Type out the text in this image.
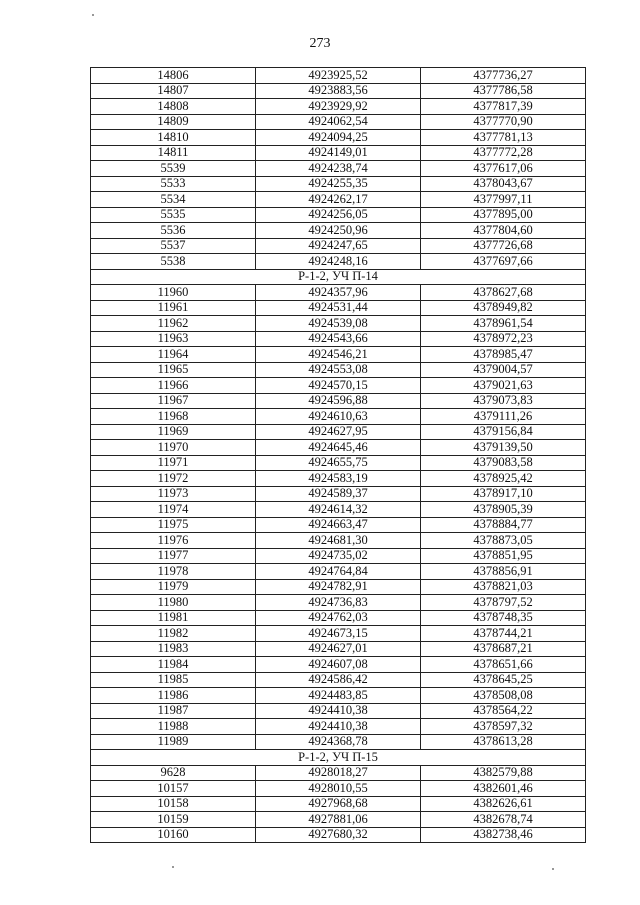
273
14806	4923925,52	4377736,27
14807	4923883,56	4377786,58
14808	4923929,92	4377817,39
14809	4924062,54	4377770,90
14810	4924094,25	4377781,13
14811	4924149,01	4377772,28
5539	4924238,74	4377617,06
5533	4924255,35	4378043,67
5534	4924262,17	4377997,11
5535	4924256,05	4377895,00
5536	4924250,96	4377804,60
5537	4924247,65	4377726,68
5538	4924248,16	4377697,66
Р-1-2, УЧ П-14		
11960	4924357,96	4378627,68
11961	4924531,44	4378949,82
11962	4924539,08	4378961,54
11963	4924543,66	4378972,23
11964	4924546,21	4378985,47
11965	4924553,08	4379004,57
11966	4924570,15	4379021,63
11967	4924596,88	4379073,83
11968	4924610,63	4379111,26
11969	4924627,95	4379156,84
11970	4924645,46	4379139,50
11971	4924655,75	4379083,58
11972	4924583,19	4378925,42
11973	4924589,37	4378917,10
11974	4924614,32	4378905,39
11975	4924663,47	4378884,77
11976	4924681,30	4378873,05
11977	4924735,02	4378851,95
11978	4924764,84	4378856,91
11979	4924782,91	4378821,03
11980	4924736,83	4378797,52
11981	4924762,03	4378748,35
11982	4924673,15	4378744,21
11983	4924627,01	4378687,21
11984	4924607,08	4378651,66
11985	4924586,42	4378645,25
11986	4924483,85	4378508,08
11987	4924410,38	4378564,22
11988	4924410,38	4378597,32
11989	4924368,78	4378613,28
Р-1-2, УЧ П-15		
9628	4928018,27	4382579,88
10157	4928010,55	4382601,46
10158	4927968,68	4382626,61
10159	4927881,06	4382678,74
10160	4927680,32	4382738,46
